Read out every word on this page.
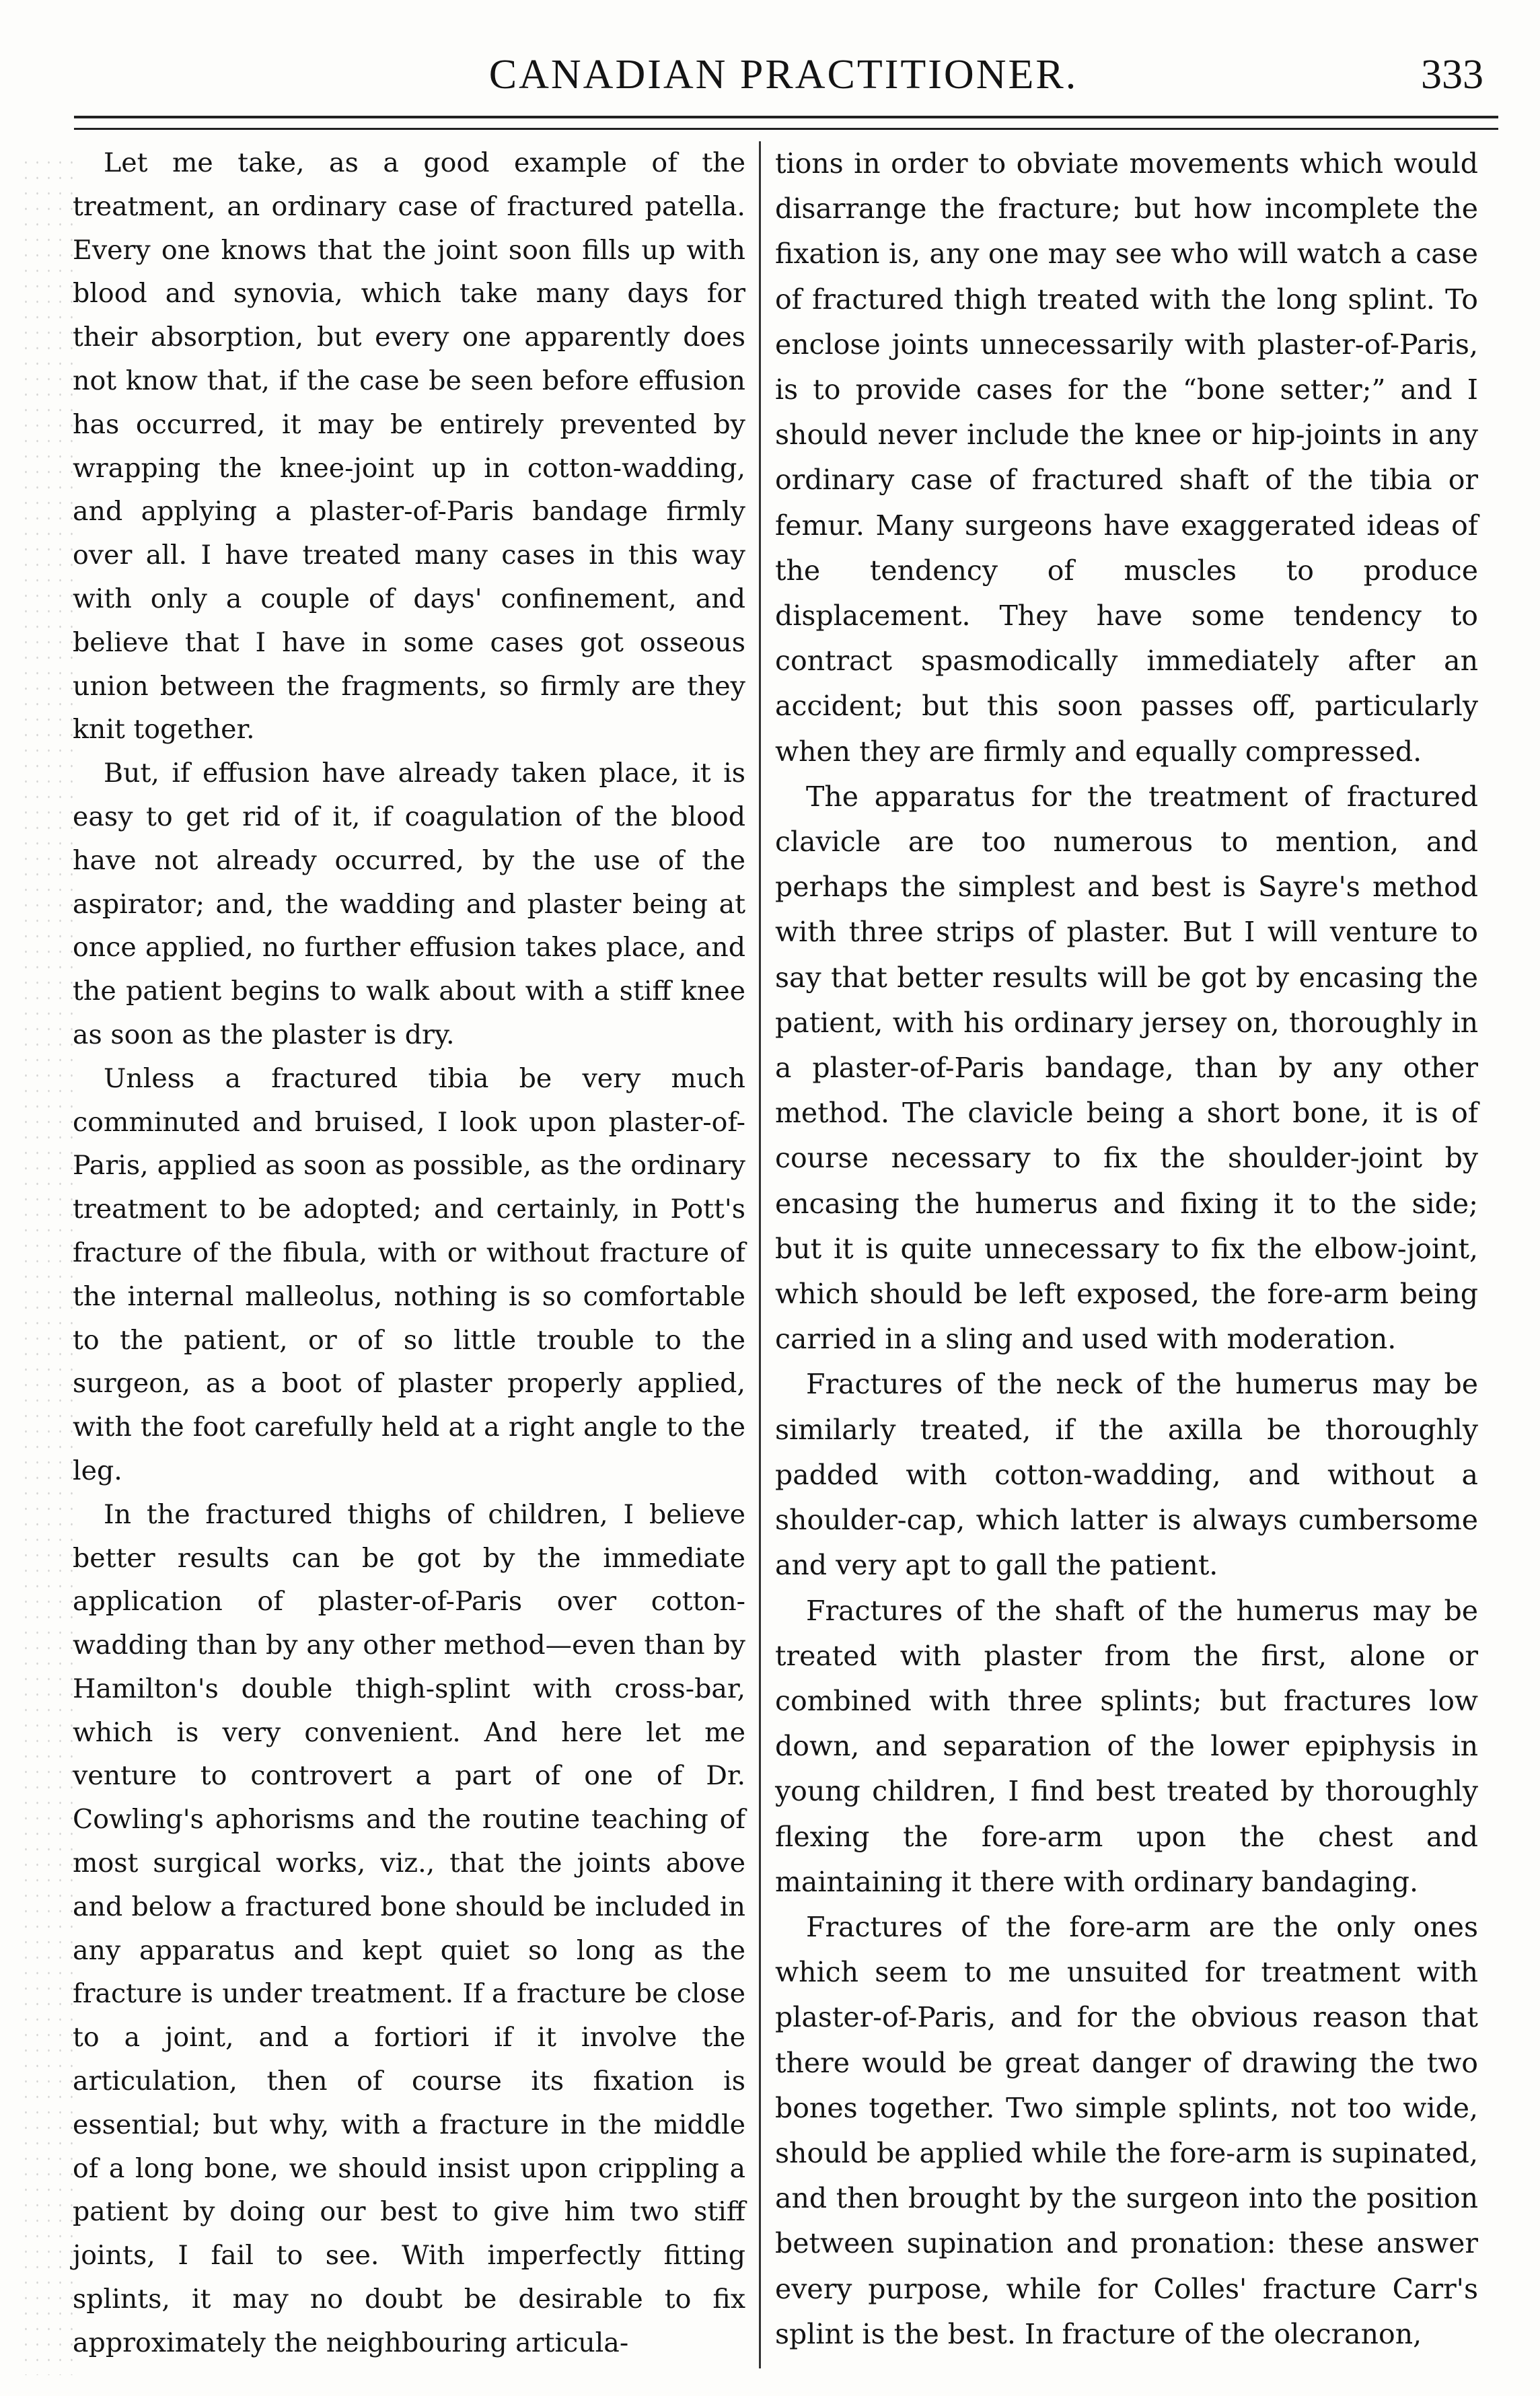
CANADIAN PRACTITIONER.	333

Let me take, as a good example of the treatment, an ordinary case of fractured patella. Every one knows that the joint soon fills up with blood and synovia, which take many days for their absorption, but every one apparently does not know that, if the case be seen before effusion has occurred, it may be entirely prevented by wrapping the knee-joint up in cotton-wadding, and applying a plaster-of-Paris bandage firmly over all. I have treated many cases in this way with only a couple of days' confinement, and believe that I have in some cases got osseous union between the fragments, so firmly are they knit together.

But, if effusion have already taken place, it is easy to get rid of it, if coagulation of the blood have not already occurred, by the use of the aspirator; and, the wadding and plaster being at once applied, no further effusion takes place, and the patient begins to walk about with a stiff knee as soon as the plaster is dry.

Unless a fractured tibia be very much comminuted and bruised, I look upon plaster-of-Paris, applied as soon as possible, as the ordinary treatment to be adopted; and certainly, in Pott's fracture of the fibula, with or without fracture of the internal malleolus, nothing is so comfortable to the patient, or of so little trouble to the surgeon, as a boot of plaster properly applied, with the foot carefully held at a right angle to the leg.

In the fractured thighs of children, I believe better results can be got by the immediate application of plaster-of-Paris over cotton-wadding than by any other method—even than by Hamilton's double thigh-splint with cross-bar, which is very convenient. And here let me venture to controvert a part of one of Dr. Cowling's aphorisms and the routine teaching of most surgical works, viz., that the joints above and below a fractured bone should be included in any apparatus and kept quiet so long as the fracture is under treatment. If a fracture be close to a joint, and a fortiori if it involve the articulation, then of course its fixation is essential; but why, with a fracture in the middle of a long bone, we should insist upon crippling a patient by doing our best to give him two stiff joints, I fail to see. With imperfectly fitting splints, it may no doubt be desirable to fix approximately the neighbouring articula-

tions in order to obviate movements which would disarrange the fracture; but how incomplete the fixation is, any one may see who will watch a case of fractured thigh treated with the long splint. To enclose joints unnecessarily with plaster-of-Paris, is to provide cases for the “bone setter;” and I should never include the knee or hip-joints in any ordinary case of fractured shaft of the tibia or femur. Many surgeons have exaggerated ideas of the tendency of muscles to produce displacement. They have some tendency to contract spasmodically immediately after an accident; but this soon passes off, particularly when they are firmly and equally compressed.

The apparatus for the treatment of fractured clavicle are too numerous to mention, and perhaps the simplest and best is Sayre's method with three strips of plaster. But I will venture to say that better results will be got by encasing the patient, with his ordinary jersey on, thoroughly in a plaster-of-Paris bandage, than by any other method. The clavicle being a short bone, it is of course necessary to fix the shoulder-joint by encasing the humerus and fixing it to the side; but it is quite unnecessary to fix the elbow-joint, which should be left exposed, the fore-arm being carried in a sling and used with moderation.

Fractures of the neck of the humerus may be similarly treated, if the axilla be thoroughly padded with cotton-wadding, and without a shoulder-cap, which latter is always cumbersome and very apt to gall the patient.

Fractures of the shaft of the humerus may be treated with plaster from the first, alone or combined with three splints; but fractures low down, and separation of the lower epiphysis in young children, I find best treated by thoroughly flexing the fore-arm upon the chest and maintaining it there with ordinary bandaging.

Fractures of the fore-arm are the only ones which seem to me unsuited for treatment with plaster-of-Paris, and for the obvious reason that there would be great danger of drawing the two bones together. Two simple splints, not too wide, should be applied while the fore-arm is supinated, and then brought by the surgeon into the position between supination and pronation: these answer every purpose, while for Colles' fracture Carr's splint is the best. In fracture of the olecranon,
